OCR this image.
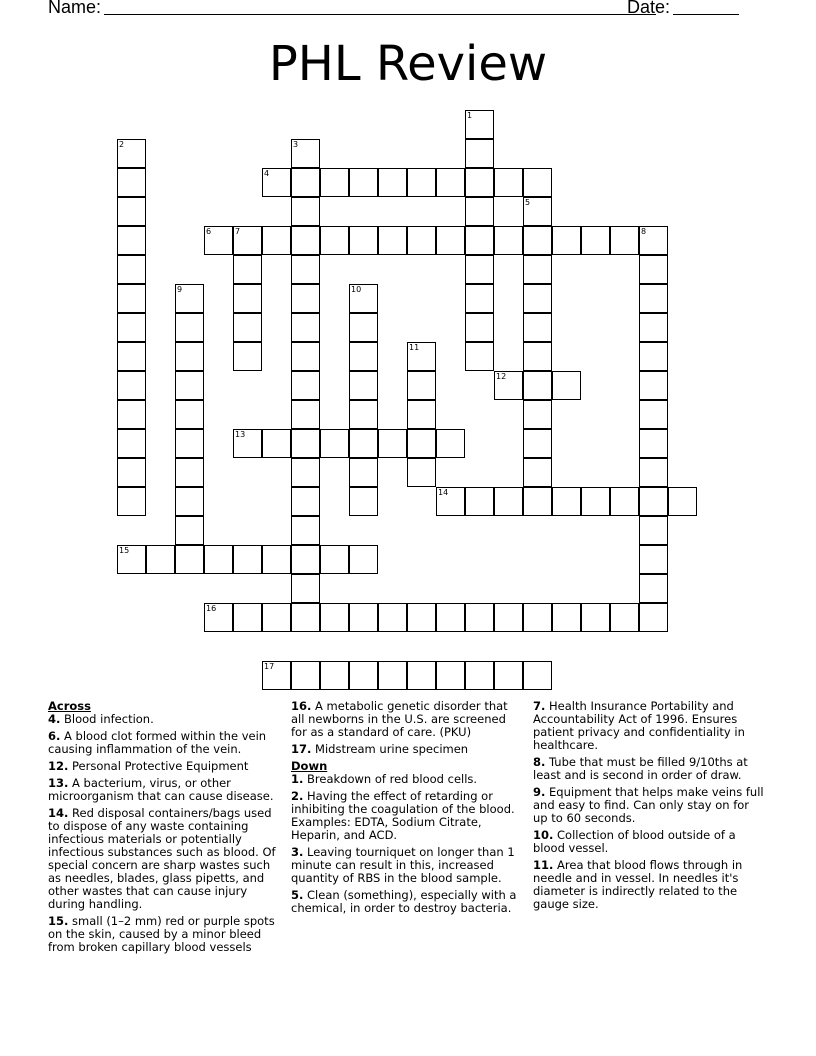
Name:	Date:
PHL Review
1
2	3
4
5
6	7	8
9	10
11
12
13
14
15
16
17
Across
4. Blood infection.
6. A blood clot formed within the vein causing inflammation of the vein.
12. Personal Protective Equipment
13. A bacterium, virus, or other microorganism that can cause disease.
14. Red disposal containers/bags used to dispose of any waste containing infectious materials or potentially infectious substances such as blood. Of special concern are sharp wastes such as needles, blades, glass pipetts, and other wastes that can cause injury during handling.
15. small (1–2 mm) red or purple spots on the skin, caused by a minor bleed from broken capillary blood vessels
16. A metabolic genetic disorder that all newborns in the U.S. are screened for as a standard of care. (PKU)
17. Midstream urine specimen
Down
1. Breakdown of red blood cells.
2. Having the effect of retarding or inhibiting the coagulation of the blood. Examples: EDTA, Sodium Citrate, Heparin, and ACD.
3. Leaving tourniquet on longer than 1 minute can result in this, increased quantity of RBS in the blood sample.
5. Clean (something), especially with a chemical, in order to destroy bacteria.
7. Health Insurance Portability and Accountability Act of 1996. Ensures patient privacy and confidentiality in healthcare.
8. Tube that must be filled 9/10ths at least and is second in order of draw.
9. Equipment that helps make veins full and easy to find. Can only stay on for up to 60 seconds.
10. Collection of blood outside of a blood vessel.
11. Area that blood flows through in needle and in vessel. In needles it's diameter is indirectly related to the gauge size.
